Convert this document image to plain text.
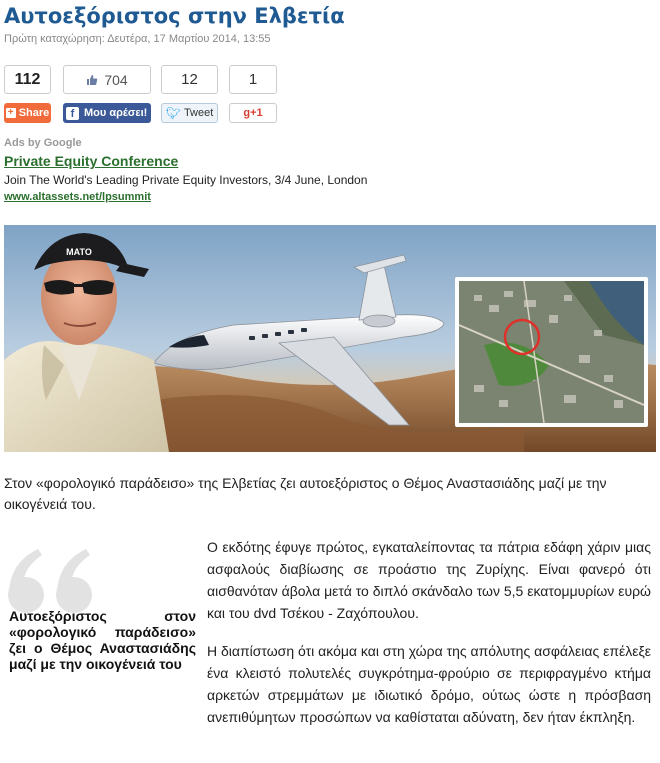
Αυτοεξόριστος στην Ελβετία
Πρώτη καταχώρηση: Δευτέρα, 17 Μαρτίου 2014, 13:55
112	704	12	1
+ Share	f Μου αρέσει! 🐦︎ Tweet	g+1
Ads by Google
Private Equity Conference
Join The World's Leading Private Equity Investors, 3/4 June, London
www.altassets.net/lpsummit
MATO

Στον «φορολογικό παράδεισο» της Ελβετίας ζει αυτοεξόριστος ο Θέμος Αναστασιάδης μαζί με την οικογένειά του.

Αυτοεξόριστος στον «φορολογικό παράδεισο» ζει ο Θέμος Αναστασιάδης μαζί με την οικογένειά του

Ο εκδότης έφυγε πρώτος, εγκαταλείποντας τα πάτρια εδάφη χάριν μιας ασφαλούς διαβίωσης σε προάστιο της Ζυρίχης. Είναι φανερό ότι αισθανόταν άβολα μετά το διπλό σκάνδαλο των 5,5 εκατομμυρίων ευρώ και του dvd Τσέκου - Ζαχόπουλου.

Η διαπίστωση ότι ακόμα και στη χώρα της απόλυτης ασφάλειας επέλεξε ένα κλειστό πολυτελές συγκρότημα-φρούριο σε περιφραγμένο κτήμα αρκετών στρεμμάτων με ιδιωτικό δρόμο, ούτως ώστε η πρόσβαση ανεπιθύμητων προσώπων να καθίσταται αδύνατη, δεν ήταν έκπληξη.
